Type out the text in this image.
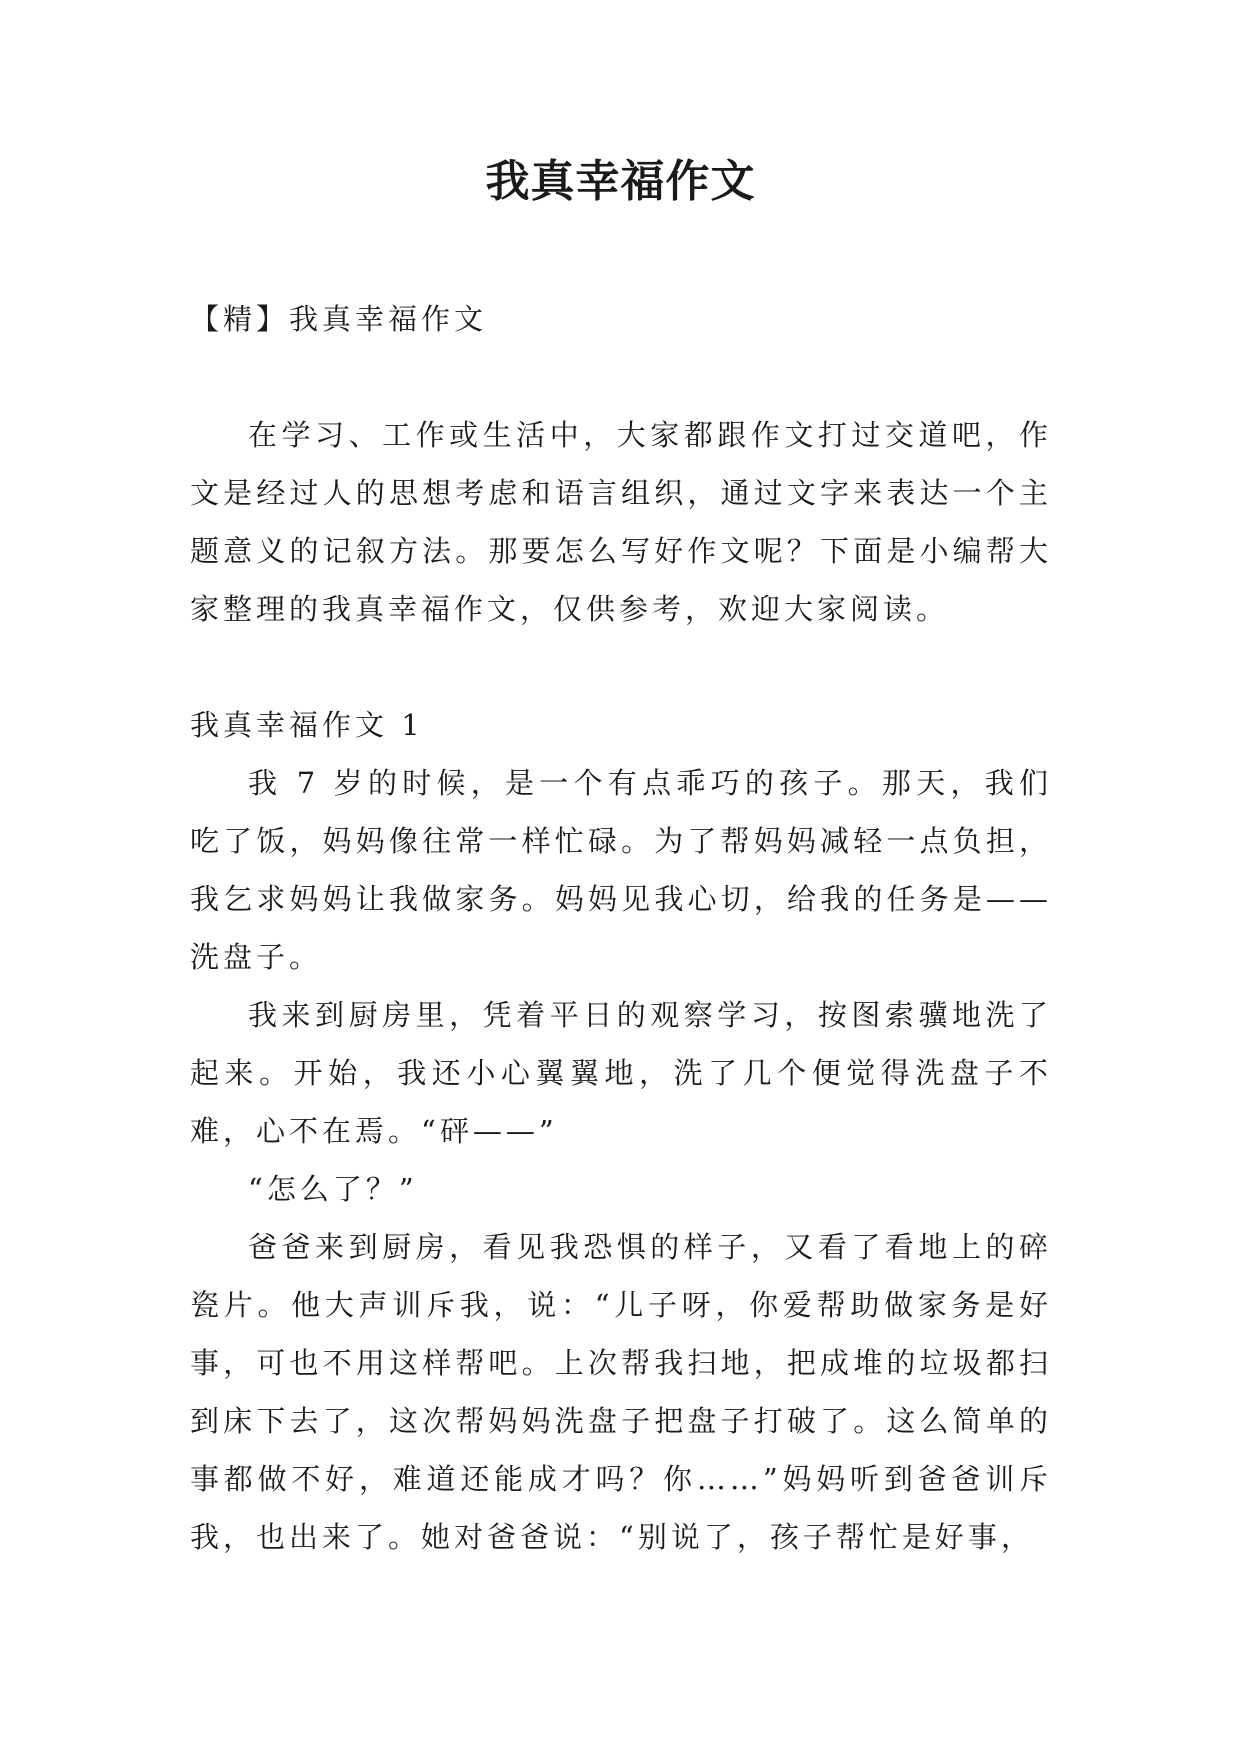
我真幸福作文

【精】我真幸福作文

在学习、工作或生活中，大家都跟作文打过交道吧，作文是经过人的思想考虑和语言组织，通过文字来表达一个主题意义的记叙方法。那要怎么写好作文呢？下面是小编帮大家整理的我真幸福作文，仅供参考，欢迎大家阅读。

我真幸福作文 1

我 7 岁的时候，是一个有点乖巧的孩子。那天，我们吃了饭，妈妈像往常一样忙碌。为了帮妈妈减轻一点负担，我乞求妈妈让我做家务。妈妈见我心切，给我的任务是——洗盘子。

我来到厨房里，凭着平日的观察学习，按图索骥地洗了起来。开始，我还小心翼翼地，洗了几个便觉得洗盘子不难，心不在焉。“砰——”

“怎么了？”

爸爸来到厨房，看见我恐惧的样子，又看了看地上的碎瓷片。他大声训斥我，说：“儿子呀，你爱帮助做家务是好事，可也不用这样帮吧。上次帮我扫地，把成堆的垃圾都扫到床下去了，这次帮妈妈洗盘子把盘子打破了。这么简单的事都做不好，难道还能成才吗？你……”妈妈听到爸爸训斥我，也出来了。她对爸爸说：“别说了，孩子帮忙是好事，
